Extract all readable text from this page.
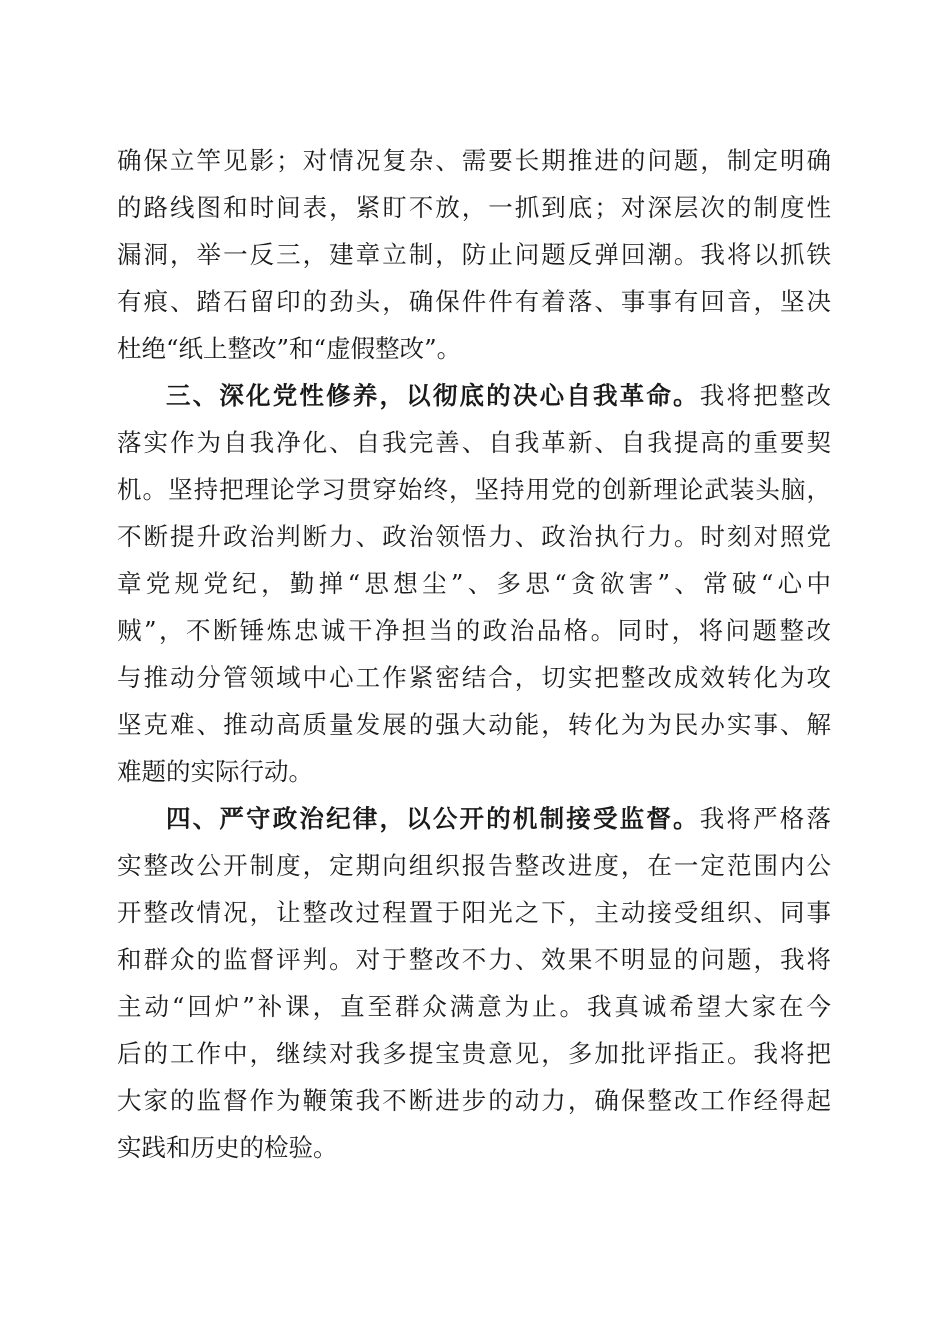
确保立竿见影；对情况复杂、需要长期推进的问题，制定明确
的路线图和时间表，紧盯不放，一抓到底；对深层次的制度性
漏洞，举一反三，建章立制，防止问题反弹回潮。我将以抓铁
有痕、踏石留印的劲头，确保件件有着落、事事有回音，坚决
杜绝“纸上整改”和“虚假整改”。
三、深化党性修养，以彻底的决心自我革命。我将把整改
落实作为自我净化、自我完善、自我革新、自我提高的重要契
机。坚持把理论学习贯穿始终，坚持用党的创新理论武装头脑，
不断提升政治判断力、政治领悟力、政治执行力。时刻对照党
章党规党纪，勤掸“思想尘”、多思“贪欲害”、常破“心中
贼”，不断锤炼忠诚干净担当的政治品格。同时，将问题整改
与推动分管领域中心工作紧密结合，切实把整改成效转化为攻
坚克难、推动高质量发展的强大动能，转化为为民办实事、解
难题的实际行动。
四、严守政治纪律，以公开的机制接受监督。我将严格落
实整改公开制度，定期向组织报告整改进度，在一定范围内公
开整改情况，让整改过程置于阳光之下，主动接受组织、同事
和群众的监督评判。对于整改不力、效果不明显的问题，我将
主动“回炉”补课，直至群众满意为止。我真诚希望大家在今
后的工作中，继续对我多提宝贵意见，多加批评指正。我将把
大家的监督作为鞭策我不断进步的动力，确保整改工作经得起
实践和历史的检验。
